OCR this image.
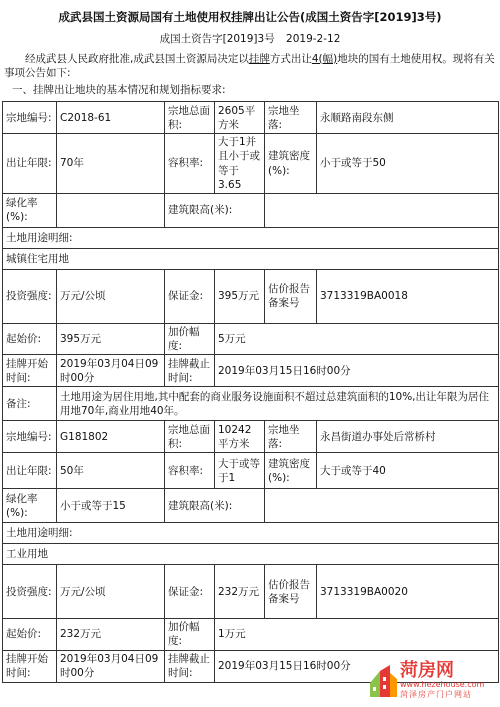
成武县国土资源局国有土地使用权挂牌出让公告(成国土资告字[2019]3号)
成国土资告字[2019]3号 2019-2-12
经成武县人民政府批准,成武县国土资源局决定以挂牌方式出让4(幅)地块的国有土地使用权。现将有关事项公告如下:
一、挂牌出让地块的基本情况和规划指标要求:
宗地编号:	C2018-61	宗地总面积:	2605平方米	宗地坐落:	永顺路南段东侧
出让年限:	70年	容积率:	大于1并且小于或等于3.65	建筑密度(%):	小于或等于50
绿化率(%):		建筑限高(米):			
土地用途明细:					
城镇住宅用地					
投资强度:	万元/公顷	保证金:	395万元	估价报告备案号	3713319BA0018
起始价:	395万元	加价幅度:	5万元		
挂牌开始时间:	2019年03月04日09时00分	挂牌截止时间:	2019年03月15日16时00分		
备注:	土地用途为居住用地,其中配套的商业服务设施面积不超过总建筑面积的10%,出让年限为居住用地70年,商业用地40年。				
宗地编号:	G181802	宗地总面积:	10242平方米	宗地坐落:	永昌街道办事处后常桥村
出让年限:	50年	容积率:	大于或等于1	建筑密度(%):	大于或等于40
绿化率(%):	小于或等于15	建筑限高(米):			
土地用途明细:					
工业用地					
投资强度:	万元/公顷	保证金:	232万元	估价报告备案号	3713319BA0020
起始价:	232万元	加价幅度:	1万元		
挂牌开始时间:	2019年03月04日09时00分	挂牌截止时间:	2019年03月15日16时00分			菏房网
www.hezehouse.com
菏泽房产门户网站
